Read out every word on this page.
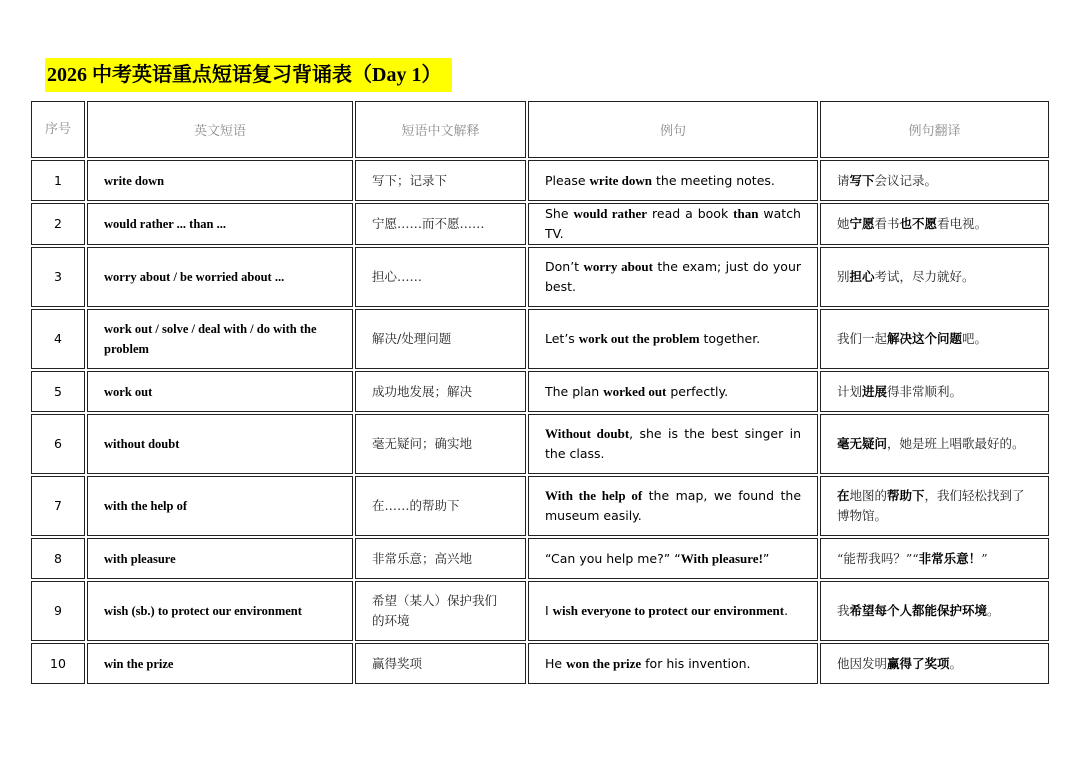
2026 中考英语重点短语复习背诵表（Day 1）
序号	英文短语	短语中文解释	例句	例句翻译
1	write down	写下；记录下	Please write down the meeting notes.	请写下会议记录。
2	would rather ... than ...	宁愿……而不愿……	She would rather read a book than watch TV.	她宁愿看书也不愿看电视。
3	worry about / be worried about ...	担心……	Don’t worry about the exam; just do your best.	别担心考试，尽力就好。
4	work out / solve / deal with / do with the problem	解决/处理问题	Let’s work out the problem together.	我们一起解决这个问题吧。
5	work out	成功地发展；解决	The plan worked out perfectly.	计划进展得非常顺利。
6	without doubt	毫无疑问；确实地	Without doubt, she is the best singer in the class.	毫无疑问，她是班上唱歌最好的。
7	with the help of	在……的帮助下	With the help of the map, we found the museum easily.	在地图的帮助下，我们轻松找到了博物馆。
8	with pleasure	非常乐意；高兴地	“Can you help me?” “With pleasure!”	“能帮我吗？”“非常乐意！”
9	wish (sb.) to protect our environment	希望（某人）保护我们的环境	I wish everyone to protect our environment.	我希望每个人都能保护环境。
10	win the prize	赢得奖项	He won the prize for his invention.	他因发明赢得了奖项。
